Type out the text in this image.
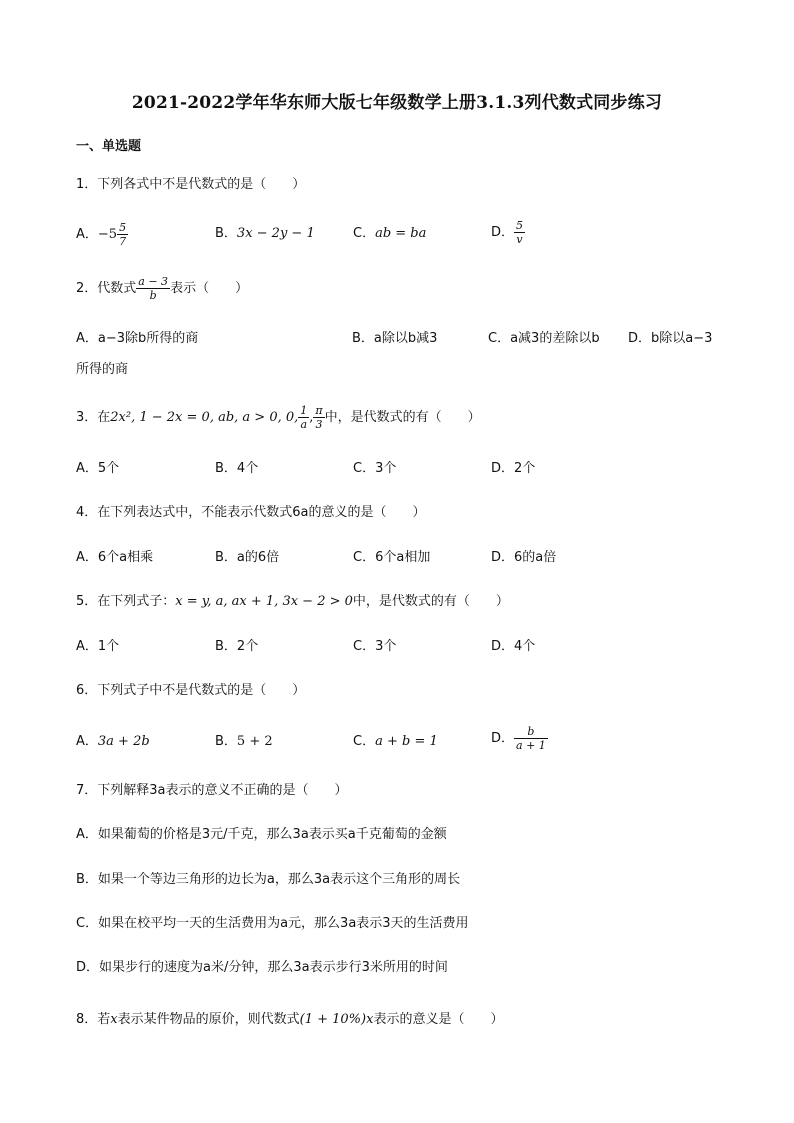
2021-2022学年华东师大版七年级数学上册3.1.3列代数式同步练习
一、单选题
1．下列各式中不是代数式的是（　　）
A．$-5 \frac{5}{7}$	B．3x − 2y − 1	C．ab = ba	D． $\frac{5}{v}$
2．代数式 $\frac{a - 3}{b}$ 表示（　　）
A．a−3除b所得的商	B．a除以b减3	C．a减3的差除以b D．b除以a−3
所得的商
3．在2x², 1 − 2x = 0, ab, a > 0, 0, $\frac{1}{a}$ , $\frac{\pi}{3}$ 中，是代数式的有（　　）
A．5个	B．4个	C．3个	D．2个
4．在下列表达式中，不能表示代数式6a的意义的是（　　）
A．6个a相乘	B．a的6倍	C．6个a相加	D．6的a倍
5．在下列式子：x = y, a, ax + 1, 3x − 2 > 0中，是代数式的有（　　）
A．1个	B．2个	C．3个	D．4个
6．下列式子中不是代数式的是（　　）
A．3a + 2b	B．5 + 2	C．a + b = 1	D． $\frac{b}{a + 1}$
7．下列解释3a表示的意义不正确的是（　　）
A．如果葡萄的价格是3元/千克，那么3a表示买a千克葡萄的金额
B．如果一个等边三角形的边长为a，那么3a表示这个三角形的周长
C．如果在校平均一天的生活费用为a元，那么3a表示3天的生活费用
D．如果步行的速度为a米/分钟，那么3a表示步行3米所用的时间
8．若x表示某件物品的原价，则代数式(1 + 10%)x表示的意义是（　　）
